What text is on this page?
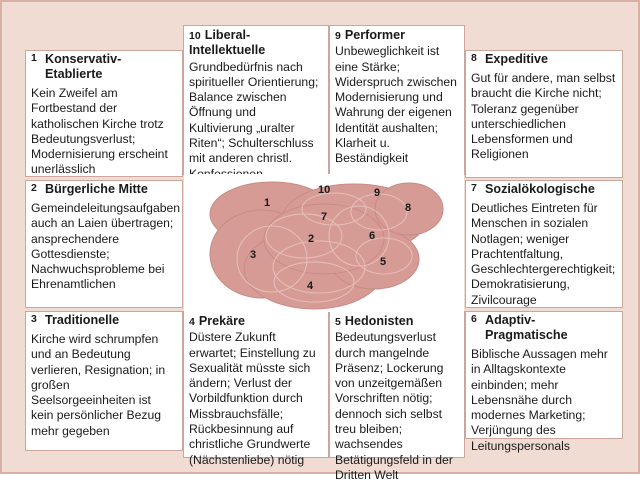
1 Konservativ-Etablierte
Kein Zweifel am Fortbestand der katholischen Kirche trotz Bedeutungsverlust; Modernisierung erscheint unerlässlich
2 Bürgerliche Mitte
Gemeindeleitungsaufgaben auch an Laien übertragen; ansprechendere Gottesdienste; Nachwuchsprobleme bei Ehrenamtlichen
3 Traditionelle
Kirche wird schrumpfen und an Bedeutung verlieren, Resignation; in großen Seelsorgeeinheiten ist kein persönlicher Bezug mehr gegeben
10 Liberal-Intellektuelle
Grundbedürfnis nach spiritueller Orientierung; Balance zwischen Öffnung und Kultivierung „uralter Riten“; Schulterschluss mit anderen christl.
9 Performer
Unbeweglichkeit ist eine Stärke; Widerspruch zwischen Modernisierung und Wahrung der eigenen Identität aushalten; Klarheit u. Beständigkeit
4 Prekäre
Düstere Zukunft erwartet; Einstellung zu Sexualität müsste sich ändern; Verlust der Vorbildfunktion durch Missbrauchsfälle; Rückbesinnung auf christliche Grundwerte (Nächstenliebe) nötig
5 Hedonisten
Bedeutungsverlust durch mangelnde Präsenz; Lockerung von unzeitgemäßen Vorschriften nötig; dennoch sich selbst treu bleiben; wachsendes Betätigungsfeld in der Dritten Welt
8 Expeditive
Gut für andere, man selbst braucht die Kirche nicht; Toleranz gegenüber unterschiedlichen Lebensformen und Religionen
7 Sozialökologische
Deutliches Eintreten für Menschen in sozialen Notlagen; weniger Prachtentfaltung, Geschlechtergerechtigkeit; Demokratisierung, Zivilcourage
6 Adaptiv-Pragmatische
Biblische Aussagen mehr in Alltagskontexte einbinden; mehr Lebensnähe durch modernes Marketing; Verjüngung des Leitungspersonals
1
2
3
4
5
6
7
8
9
10
